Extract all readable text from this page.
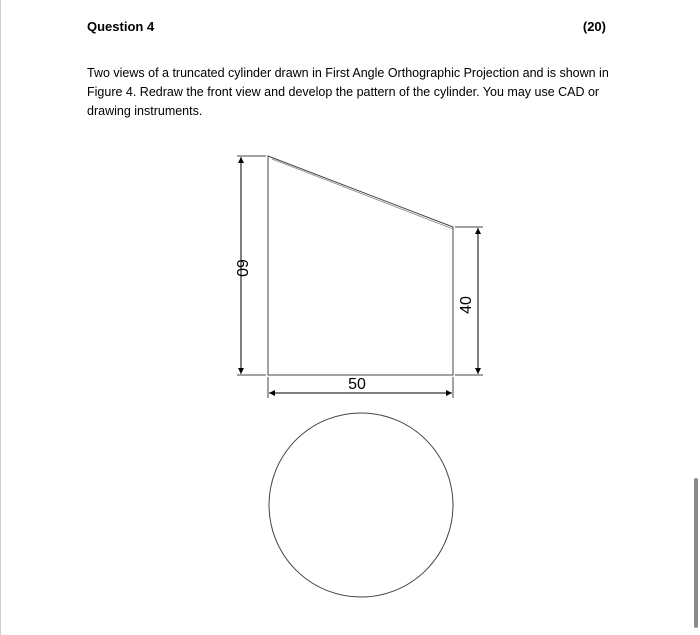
Question 4	(20)
Two views of a truncated cylinder drawn in First Angle Orthographic Projection and is shown in Figure 4. Redraw the front view and develop the pattern of the cylinder. You may use CAD or drawing instruments.
60
40
50
